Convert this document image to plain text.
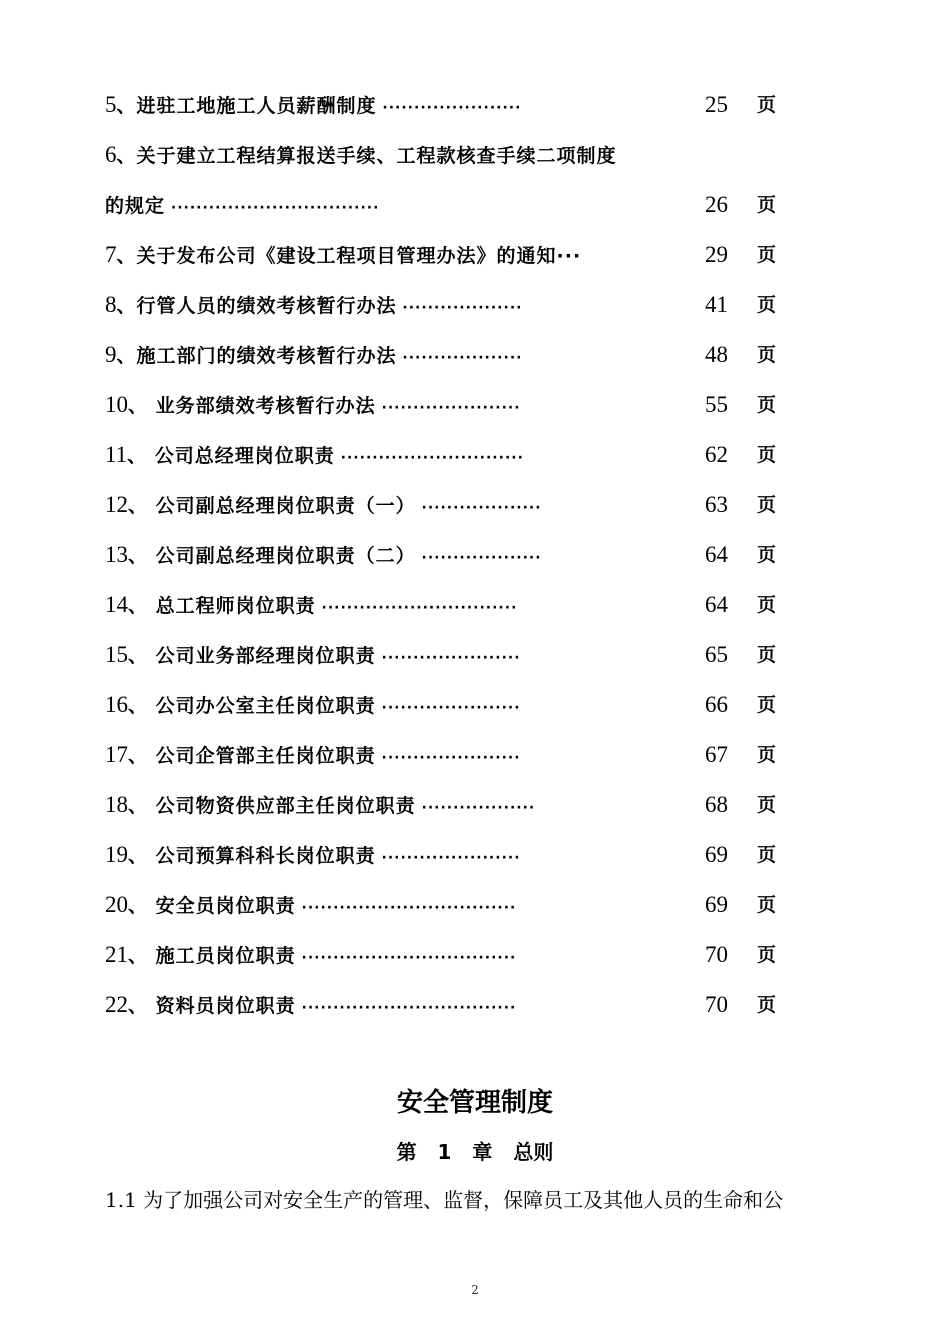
5、进驻工地施工人员薪酬制度 ······················	25 页
6、关于建立工程结算报送手续、工程款核查手续二项制度
的规定 ·································	26 页
7、关于发布公司《建设工程项目管理办法》的通知···	29 页
8、行管人员的绩效考核暂行办法 ···················	41 页
9、施工部门的绩效考核暂行办法 ···················	48 页
10、 业务部绩效考核暂行办法 ······················	55 页
11、 公司总经理岗位职责 ·····························	62 页
12、 公司副总经理岗位职责（一） ···················	63 页
13、 公司副总经理岗位职责（二） ···················	64 页
14、 总工程师岗位职责 ·······························	64 页
15、 公司业务部经理岗位职责 ······················	65 页
16、 公司办公室主任岗位职责 ······················	66 页
17、 公司企管部主任岗位职责 ······················	67 页
18、 公司物资供应部主任岗位职责 ··················	68 页
19、 公司预算科科长岗位职责 ······················	69 页
20、 安全员岗位职责 ··································	69 页
21、 施工员岗位职责 ··································	70 页
22、 资料员岗位职责 ··································	70 页
安全管理制度
第 1 章 总则
1.1 为了加强公司对安全生产的管理、监督，保障员工及其他人员的生命和公
2
